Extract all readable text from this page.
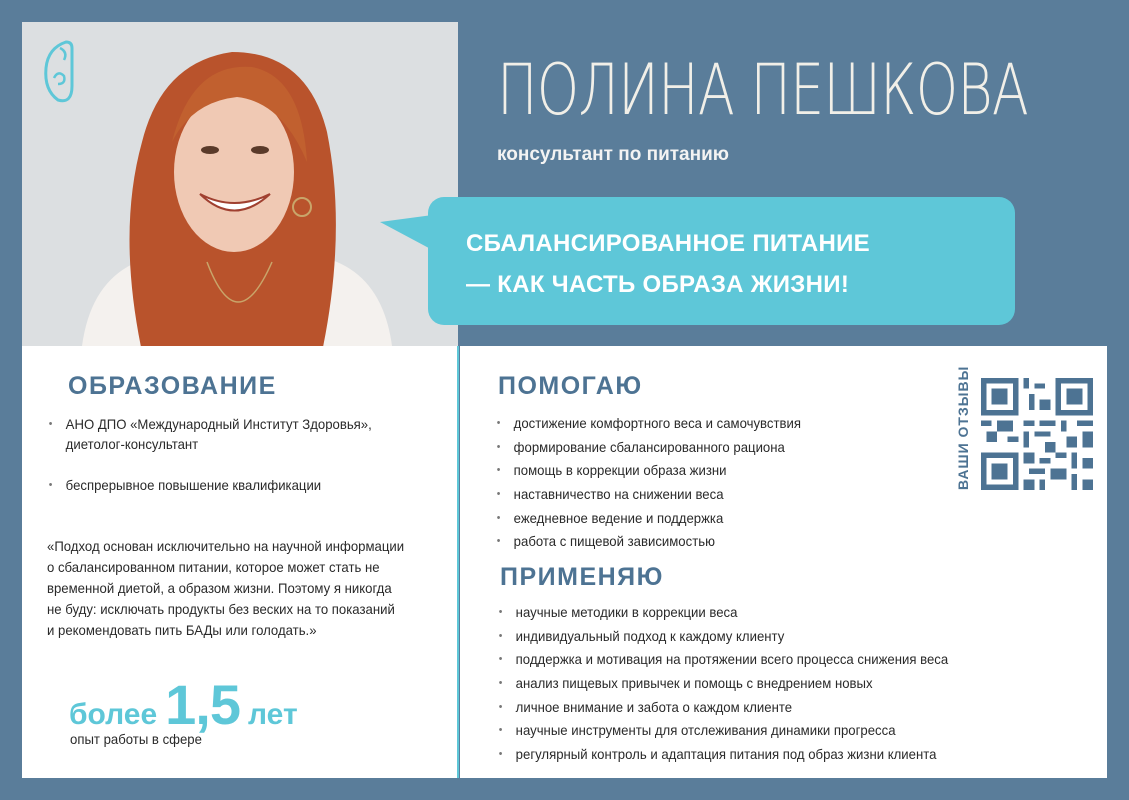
ПОЛИНА ПЕШКОВА
консультант по питанию
СБАЛАНСИРОВАННОЕ ПИТАНИЕ
— КАК ЧАСТЬ ОБРАЗА ЖИЗНИ!
ОБРАЗОВАНИЕ
• АНО ДПО «Международный Институт Здоровья»,
диетолог-консультант
• беспрерывное повышение квалификации
«Подход основан исключительно на научной информации
о сбалансированном питании, которое может стать не
временной диетой, а образом жизни. Поэтому я никогда
не буду: исключать продукты без веских на то показаний
и рекомендовать пить БАДы или голодать.»
более 1,5 лет
опыт работы в сфере
ПОМОГАЮ
• достижение комфортного веса и самочувствия
• формирование сбалансированного рациона
• помощь в коррекции образа жизни
• наставничество на снижении веса
• ежедневное ведение и поддержка
• работа с пищевой зависимостью
ПРИМЕНЯЮ
• научные методики в коррекции веса
• индивидуальный подход к каждому клиенту
• поддержка и мотивация на протяжении всего процесса снижения веса
• анализ пищевых привычек и помощь с внедрением новых
• личное внимание и забота о каждом клиенте
• научные инструменты для отслеживания динамики прогресса
• регулярный контроль и адаптация питания под образ жизни клиента
ВАШИ ОТЗЫВЫ
